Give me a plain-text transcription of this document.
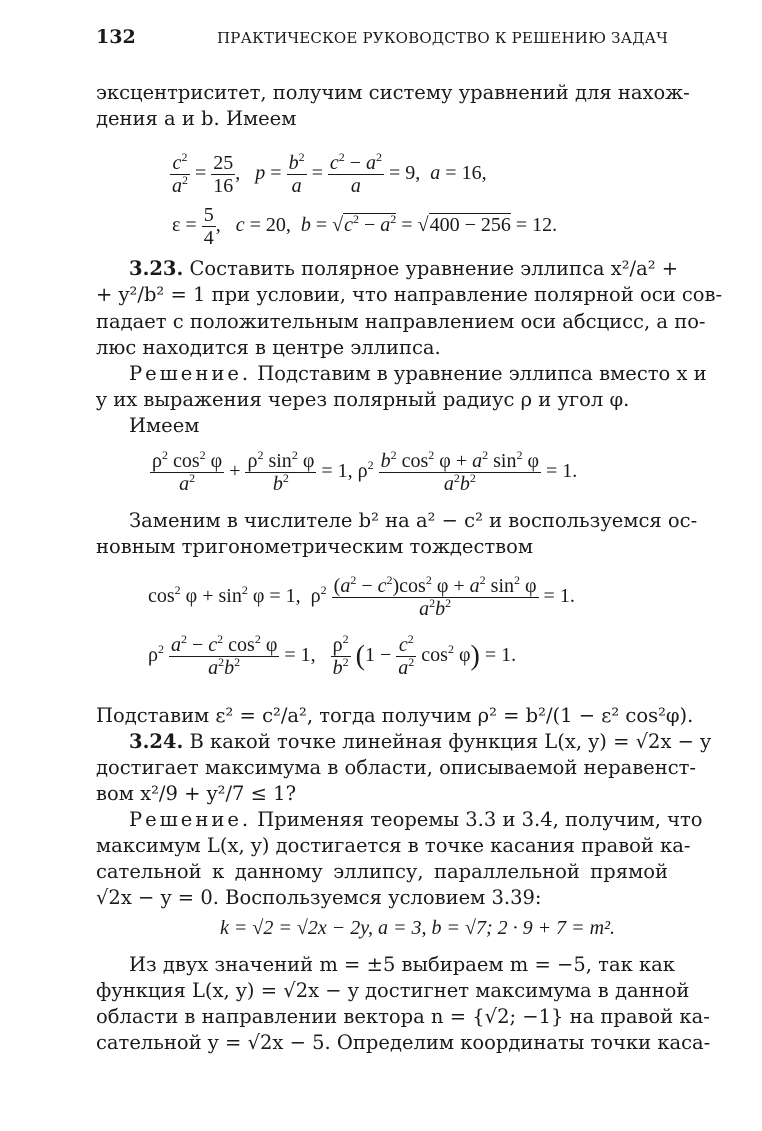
132	ПРАКТИЧЕСКОЕ РУКОВОДСТВО К РЕШЕНИЮ ЗАДАЧ
эксцентриситет, получим систему уравнений для нахож-
дения a и b. Имеем
$\frac{c^2}{a^2} = \frac{25}{16}$ ,   $p = \frac{b^2}{a} = \frac{c^2 - a^2}{a} = 9$,  a = 16,
$\varepsilon = \frac{5}{4}$ ,   c = 20,  $b = √c^2 - a^2 = √400 - 256 = 12$.
3.23. Составить полярное уравнение эллипса x²/a² +
+ y²/b² = 1 при условии, что направление полярной оси сов-
падает с положительным направлением оси абсцисс, а по-
люс находится в центре эллипса.
Решение. Подставим в уравнение эллипса вместо x и
y их выражения через полярный радиус ρ и угол φ.
Имеем
$\frac{\rho^2 \cos^2 \varphi}{a^2} + \frac{\rho^2 \sin^2 \varphi}{b^2} = 1$, $\rho^2 \frac{b^2 \cos^2 \varphi + a^2 \sin^2 \varphi}{a^2b^2} = 1$.
Заменим в числителе b² на a² − c² и воспользуемся ос-
новным тригонометрическим тождеством
$\cos^2 \varphi + \sin^2 \varphi = 1$,  $\rho^2 \frac{(a^2 - c^2)\cos^2 \varphi + a^2 \sin^2 \varphi}{a^2b^2} = 1$.
$\rho^2 \frac{a^2 - c^2 \cos^2 \varphi}{a^2b^2} = 1$, $\frac{\rho^2}{b^2} (1 - \frac{c^2}{a^2} \cos^2 \varphi) = 1$.
Подставим ε² = c²/a², тогда получим ρ² = b²/(1 − ε² cos²φ).
3.24. В какой точке линейная функция L(x, y) = √2x − y
достигает максимума в области, описываемой неравенст-
вом x²/9 + y²/7 ≤ 1?
Решение. Применяя теоремы 3.3 и 3.4, получим, что
максимум L(x, y) достигается в точке касания правой ка-
сательной к данному эллипсу, параллельной прямой
√2x − y = 0. Воспользуемся условием 3.39:
k = √2 = √2x − 2y, a = 3, b = √7; 2 · 9 + 7 = m².
Из двух значений m = ±5 выбираем m = −5, так как
функция L(x, y) = √2x − y достигнет максимума в данной
области в направлении вектора n = {√2; −1} на правой ка-
сательной y = √2x − 5. Определим координаты точки каса-
